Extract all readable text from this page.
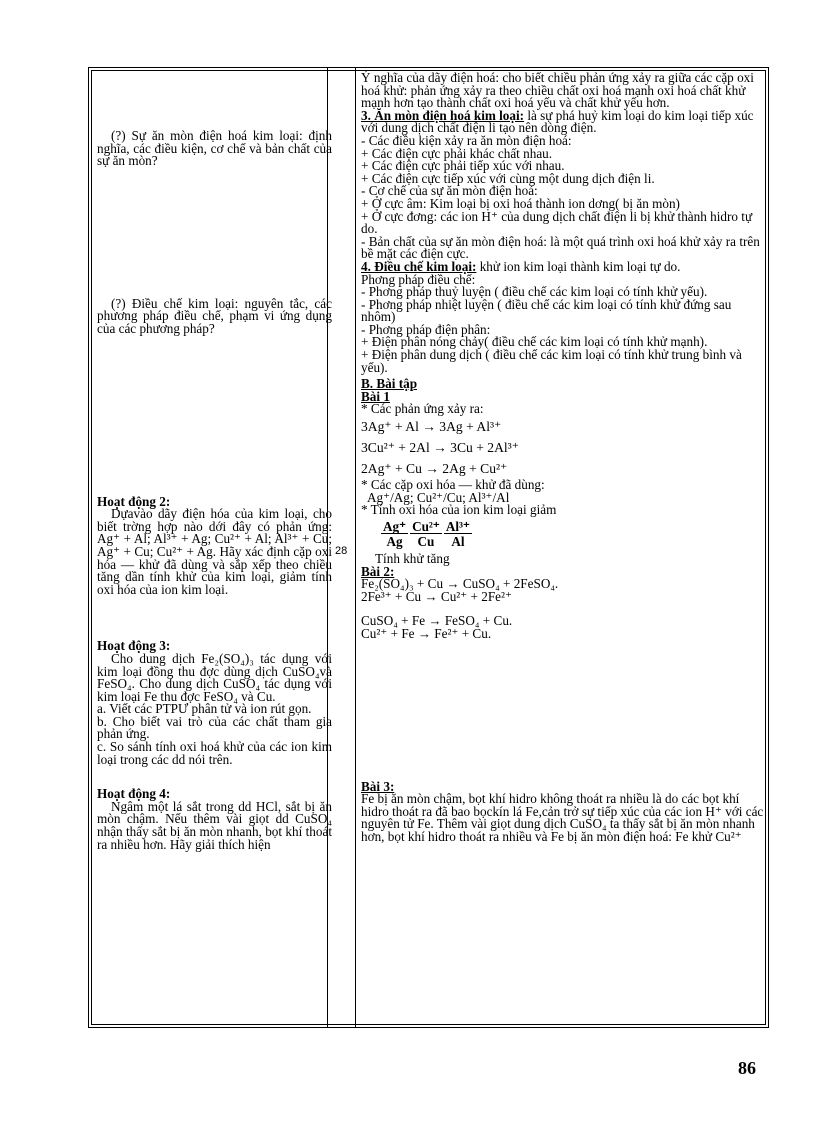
(?) Sự ăn mòn điện hoá kim loại: định nghĩa, các điều kiện, cơ chế và bản chất của sự ăn mòn?

(?) Điều chế kim loại: nguyên tắc, các phương pháp điều chế, phạm vi ứng dụng của các phương pháp?

Hoạt động 2:

Dựavào dãy điện hóa của kim loại, cho biết trờng hợp nào dới đây có phản ứng: Ag⁺ + Al; Al³⁺ + Ag; Cu²⁺ + Al; Al³⁺ + Cu; Ag⁺ + Cu; Cu²⁺ + Ag. Hãy xác định cặp oxi hóa — khử đã dùng và sắp xếp theo chiều tăng dần tính khử của kim loại, giảm tính oxi hóa của ion kim loại.

Hoạt động 3:

Cho dung dịch Fe₂(SO₄)₃ tác dụng với kim loại đồng thu đợc dùng dịch CuSO₄và FeSO₄. Cho dung dịch CuSO₄ tác dụng với kim loại Fe thu đợc FeSO₄ và Cu.

a. Viết các PTPƯ phân tử và ion rút gọn.

b. Cho biết vai trò của các chất tham gia phản ứng.

c. So sánh tính oxi hoá khử của các ion kim loại trong các dd nói trên.

Hoạt động 4:

Ngâm một lá sắt trong dd HCl, sắt bị ăn mòn chậm. Nếu thêm vài giọt dd CuSO₄ nhận thấy sắt bị ăn mòn nhanh, bọt khí thoát ra nhiều hơn. Hãy giải thích hiện

28

Ý nghĩa của dãy điện hoá: cho biết chiều phản ứng xảy ra giữa các cặp oxi hoá khử: phản ứng xảy ra theo chiều chất oxi hoá mạnh oxi hoá chất khử mạnh hơn tạo thành chất oxi hoá yếu và chất khử yếu hơn.

3. Ăn mòn điện hoá kim loại: là sự phá huỷ kim loại do kim loại tiếp xúc với dung dịch chất điện li tạo nên dòng điện.

- Các điều kiện xảy ra ăn mòn điện hoá:

+ Các điện cực phải khác chất nhau.

+ Các điện cực phải tiếp xúc với nhau.

+ Các điện cực tiếp xúc với cùng một dung dịch điện li.

- Cơ chế của sự ăn mòn điện hoá:

+ Ở cực âm: Kim loại bị oxi hoá thành ion dơng( bị ăn mòn)

+ Ở cực đơng: các ion H⁺ của dung dịch chất điện li bị khử thành hidro tự do.

- Bản chất của sự ăn mòn điện hoá: là một quá trình oxi hoá khử xảy ra trên bề mặt các điện cực.

4. Điều chế kim loại: khử ion kim loại thành kim loại tự do.

Phơng pháp điều chế:

- Phơng pháp thuỷ luyện ( điều chế các kim loại có tính khử yếu).

- Phơng pháp nhiệt luyện ( điều chế các kim loại có tính khử đứng sau nhôm)

- Phơng pháp điện phân:

+ Điện phân nóng chảy( điều chế các kim loại có tính khử mạnh).

+ Điện phân dung dịch ( điều chế các kim loại có tính khử trung bình và yếu).

B. Bài tập

Bài 1

* Các phản ứng xảy ra:

3Ag⁺ + Al → 3Ag + Al³⁺

3Cu²⁺ + 2Al → 3Cu + 2Al³⁺

2Ag⁺ + Cu → 2Ag + Cu²⁺

* Các cặp oxi hóa — khử đã dùng:

Ag⁺/Ag; Cu²⁺/Cu; Al³⁺/Al

* Tính oxi hóa của ion kim loại giảm

$\frac{Ag^+}{Ag} \frac{\text{Cu²⁺}}{Cu} \frac{\text{Al³⁺}}{Al}$

Tính khử tăng

Bài 2:

Fe₂(SO₄)₃ + Cu → CuSO₄ + 2FeSO₄.

2Fe³⁺ + Cu → Cu²⁺ + 2Fe²⁺

CuSO₄ + Fe → FeSO₄ + Cu.

Cu²⁺ + Fe → Fe²⁺ + Cu.

Bài 3:

Fe bị ăn mòn chậm, bọt khí hidro không thoát ra nhiều là do các bọt khí hidro thoát ra đã bao bọckín lá Fe,cản trở sự tiếp xúc của các ion H⁺ với các nguyên tử Fe. Thêm vài giọt dung dịch CuSO₄ ta thấy sắt bị ăn mòn nhanh hơn, bọt khí hidro thoát ra nhiều và Fe bị ăn mòn điện hoá: Fe khử Cu²⁺

86
